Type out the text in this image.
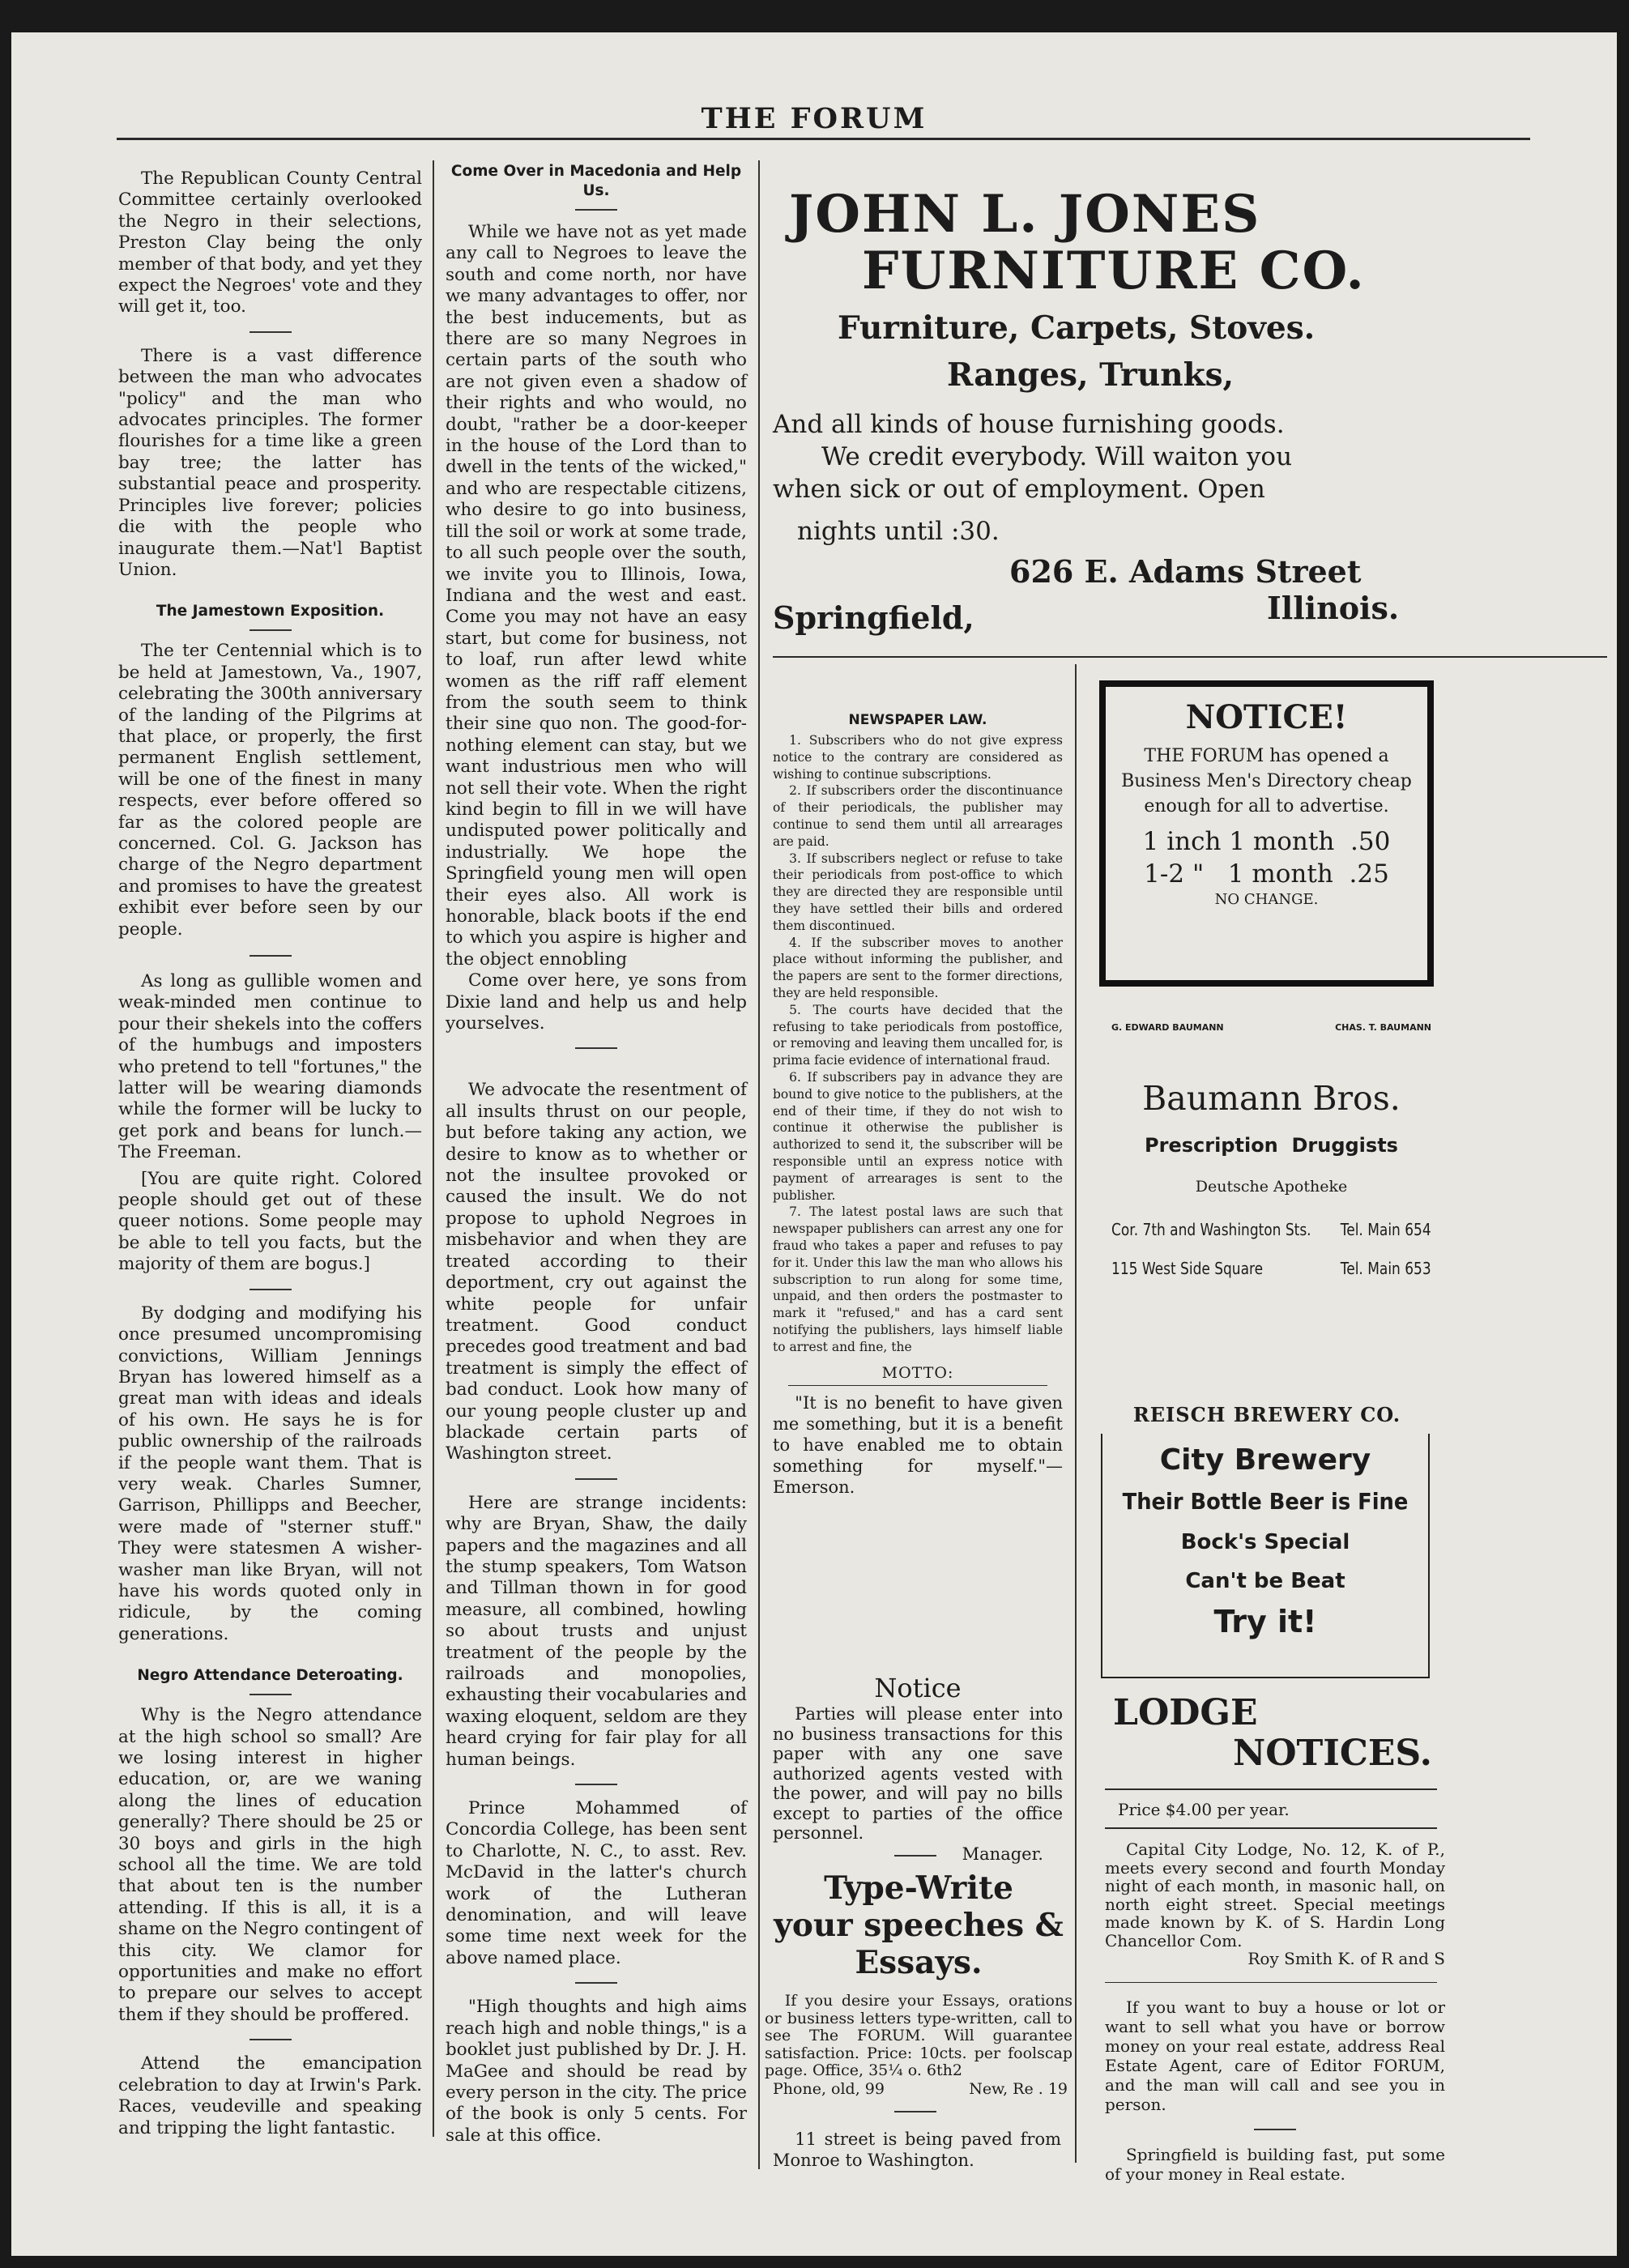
THE FORUM

The Republican County Central Committee certainly overlooked the Negro in their selections, Preston Clay being the only member of that body, and yet they expect the Negroes' vote and they will get it, too.

There is a vast difference between the man who advocates "policy" and the man who advocates principles. The former flourishes for a time like a green bay tree; the latter has substantial peace and prosperity. Principles live forever; policies die with the people who inaugurate them.—Nat'l Baptist Union.

The Jamestown Exposition.

The ter Centennial which is to be held at Jamestown, Va., 1907, celebrating the 300th anniversary of the landing of the Pilgrims at that place, or properly, the first permanent English settlement, will be one of the finest in many respects, ever before offered so far as the colored people are concerned. Col. G. Jackson has charge of the Negro department and promises to have the greatest exhibit ever before seen by our people.

As long as gullible women and weak-minded men continue to pour their shekels into the coffers of the humbugs and imposters who pretend to tell "fortunes," the latter will be wearing diamonds while the former will be lucky to get pork and beans for lunch.—The Freeman.

[You are quite right. Colored people should get out of these queer notions. Some people may be able to tell you facts, but the majority of them are bogus.]

By dodging and modifying his once presumed uncompromising convictions, William Jennings Bryan has lowered himself as a great man with ideas and ideals of his own. He says he is for public ownership of the railroads if the people want them. That is very weak. Charles Sumner, Garrison, Phillipps and Beecher, were made of "sterner stuff." They were statesmen A wisher-washer man like Bryan, will not have his words quoted only in ridicule, by the coming generations.

Negro Attendance Deteroating.

Why is the Negro attendance at the high school so small? Are we losing interest in higher education, or, are we waning along the lines of education generally? There should be 25 or 30 boys and girls in the high school all the time. We are told that about ten is the number attending. If this is all, it is a shame on the Negro contingent of this city. We clamor for opportunities and make no effort to prepare our selves to accept them if they should be proffered.

Attend the emancipation celebration to day at Irwin's Park. Races, veudeville and speaking and tripping the light fantastic.

Come Over in Macedonia and Help Us.

While we have not as yet made any call to Negroes to leave the south and come north, nor have we many advantages to offer, nor the best inducements, but as there are so many Negroes in certain parts of the south who are not given even a shadow of their rights and who would, no doubt, "rather be a door-keeper in the house of the Lord than to dwell in the tents of the wicked," and who are respectable citizens, who desire to go into business, till the soil or work at some trade, to all such people over the south, we invite you to Illinois, Iowa, Indiana and the west and east. Come you may not have an easy start, but come for business, not to loaf, run after lewd white women as the riff raff element from the south seem to think their sine quo non. The good-for-nothing element can stay, but we want industrious men who will not sell their vote. When the right kind begin to fill in we will have undisputed power politically and industrially. We hope the Springfield young men will open their eyes also. All work is honorable, black boots if the end to which you aspire is higher and the object ennobling

Come over here, ye sons from Dixie land and help us and help yourselves.

We advocate the resentment of all insults thrust on our people, but before taking any action, we desire to know as to whether or not the insultee provoked or caused the insult. We do not propose to uphold Negroes in misbehavior and when they are treated according to their deportment, cry out against the white people for unfair treatment. Good conduct precedes good treatment and bad treatment is simply the effect of bad conduct. Look how many of our young people cluster up and blackade certain parts of Washington street.

Here are strange incidents: why are Bryan, Shaw, the daily papers and the magazines and all the stump speakers, Tom Watson and Tillman thown in for good measure, all combined, howling so about trusts and unjust treatment of the people by the railroads and monopolies, exhausting their vocabularies and waxing eloquent, seldom are they heard crying for fair play for all human beings.

Prince Mohammed of Concordia College, has been sent to Charlotte, N. C., to asst. Rev. McDavid in the latter's church work of the Lutheran denomination, and will leave some time next week for the above named place.

"High thoughts and high aims reach high and noble things," is a booklet just published by Dr. J. H. MaGee and should be read by every person in the city. The price of the book is only 5 cents. For sale at this office.

JOHN L. JONES
FURNITURE CO.
Furniture, Carpets, Stoves.
Ranges, Trunks,
And all kinds of house furnishing goods.
We credit everybody. Will waiton you
when sick or out of employment. Open
nights until :30.
626 E. Adams Street
Springfield,	Illinois.
NEWSPAPER LAW.

1. Subscribers who do not give express notice to the contrary are considered as wishing to continue subscriptions.

2. If subscribers order the discontinuance of their periodicals, the publisher may continue to send them until all arrearages are paid.

3. If subscribers neglect or refuse to take their periodicals from post-office to which they are directed they are responsible until they have settled their bills and ordered them discontinued.

4. If the subscriber moves to another place without informing the publisher, and the papers are sent to the former directions, they are held responsible.

5. The courts have decided that the refusing to take periodicals from postoffice, or removing and leaving them uncalled for, is prima facie evidence of international fraud.

6. If subscribers pay in advance they are bound to give notice to the publishers, at the end of their time, if they do not wish to continue it otherwise the publisher is authorized to send it, the subscriber will be responsible until an express notice with payment of arrearages is sent to the publisher.

7. The latest postal laws are such that newspaper publishers can arrest any one for fraud who takes a paper and refuses to pay for it. Under this law the man who allows his subscription to run along for some time, unpaid, and then orders the postmaster to mark it "refused," and has a card sent notifying the publishers, lays himself liable to arrest and fine, the

MOTTO:

"It is no benefit to have given me something, but it is a benefit to have enabled me to obtain something for myself."—Emerson.

Notice

Parties will please enter into no business transactions for this paper with any one save authorized agents vested with the power, and will pay no bills except to parties of the office personnel.

Manager.
Type-Write
your speeches &
Essays.

If you desire your Essays, orations or business letters type-written, call to see The FORUM. Will guarantee satisfaction. Price: 10cts. per foolscap page. Office, 35¼ o. 6th2

Phone, old, 99	New, Re . 19

11 street is being paved from Monroe to Washington.

NOTICE!
THE FORUM has opened a Business Men's Directory cheap enough for all to advertise.
1 inch 1 month  .50
1-2 "   1 month  .25
NO CHANGE.
G. EDWARD BAUMANN	CHAS. T. BAUMANN
Baumann Bros.
Prescription  Druggists
Deutsche Apotheke
Cor. 7th and Washington Sts. Tel. Main 654
115 West Side Square	Tel. Main 653
REISCH BREWERY CO.
City Brewery
Their Bottle Beer is Fine
Bock's Special
Can't be Beat
Try it!
LODGE
NOTICES.
Price $4.00 per year.

Capital City Lodge, No. 12, K. of P., meets every second and fourth Monday night of each month, in masonic hall, on north eight street. Special meetings made known by K. of S. Hardin Long Chancellor Com.

Roy Smith K. of R and S

If you want to buy a house or lot or want to sell what you have or borrow money on your real estate, address Real Estate Agent, care of Editor FORUM, and the man will call and see you in person.

Springfield is building fast, put some of your money in Real estate.
